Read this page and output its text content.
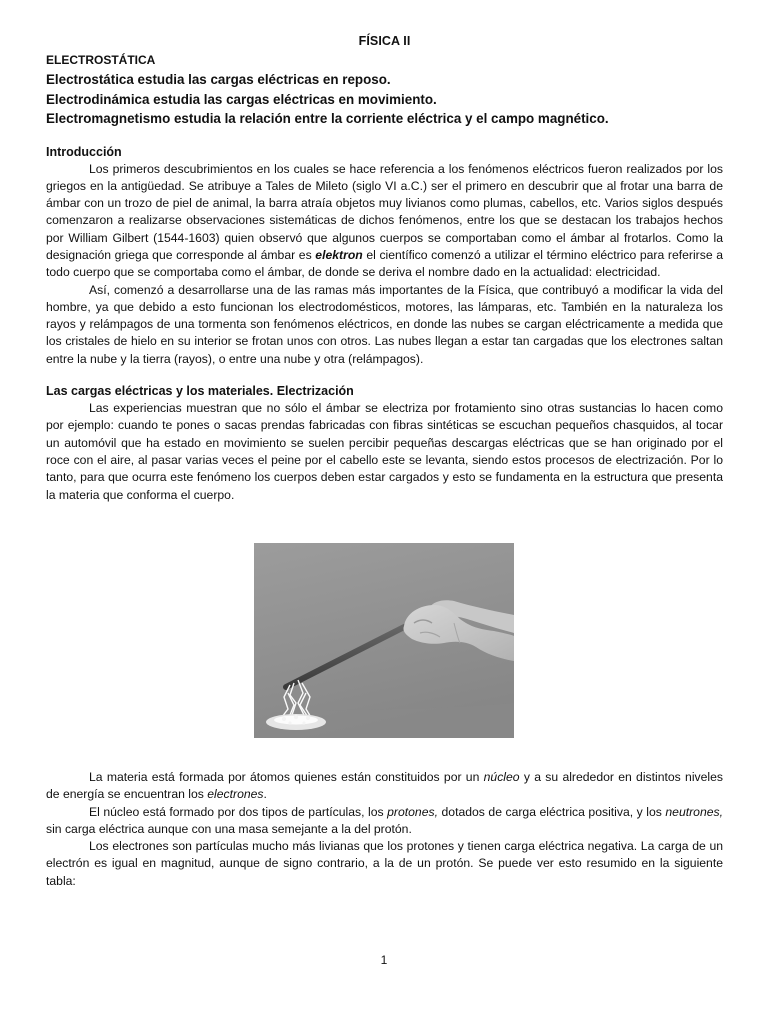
FÍSICA II
ELECTROSTÁTICA

Electrostática estudia las cargas eléctricas en reposo.

Electrodinámica estudia las cargas eléctricas en movimiento.

Electromagnetismo estudia la relación entre la corriente eléctrica y el campo magnético.

Introducción

Los primeros descubrimientos en los cuales se hace referencia a los fenómenos eléctricos fueron realizados por los griegos en la antigüedad. Se atribuye a Tales de Mileto (siglo VI a.C.) ser el primero en descubrir que al frotar una barra de ámbar con un trozo de piel de animal, la barra atraía objetos muy livianos como plumas, cabellos, etc. Varios siglos después comenzaron a realizarse observaciones sistemáticas de dichos fenómenos, entre los que se destacan los trabajos hechos por William Gilbert (1544-1603) quien observó que algunos cuerpos se comportaban como el ámbar al frotarlos. Como la designación griega que corresponde al ámbar es elektron el científico comenzó a utilizar el término eléctrico para referirse a todo cuerpo que se comportaba como el ámbar, de donde se deriva el nombre dado en la actualidad: electricidad.

Así, comenzó a desarrollarse una de las ramas más importantes de la Física, que contribuyó a modificar la vida del hombre, ya que debido a esto funcionan los electrodomésticos, motores, las lámparas, etc. También en la naturaleza los rayos y relámpagos de una tormenta son fenómenos eléctricos, en donde las nubes se cargan eléctricamente a medida que los cristales de hielo en su interior se frotan unos con otros. Las nubes llegan a estar tan cargadas que los electrones saltan entre la nube y la tierra (rayos), o entre una nube y otra (relámpagos).

Las cargas eléctricas y los materiales. Electrización

Las experiencias muestran que no sólo el ámbar se electriza por frotamiento sino otras sustancias lo hacen como por ejemplo: cuando te pones o sacas prendas fabricadas con fibras sintéticas se escuchan pequeños chasquidos, al tocar un automóvil que ha estado en movimiento se suelen percibir pequeñas descargas eléctricas que se han originado por el roce con el aire, al pasar varias veces el peine por el cabello este se levanta, siendo estos procesos de electrización. Por lo tanto, para que ocurra este fenómeno los cuerpos deben estar cargados y esto se fundamenta en la estructura que presenta la materia que conforma el cuerpo.

La materia está formada por átomos quienes están constituidos por un núcleo y a su alrededor en distintos niveles de energía se encuentran los electrones.

El núcleo está formado por dos tipos de partículas, los protones, dotados de carga eléctrica positiva, y los neutrones, sin carga eléctrica aunque con una masa semejante a la del protón.

Los electrones son partículas mucho más livianas que los protones y tienen carga eléctrica negativa. La carga de un electrón es igual en magnitud, aunque de signo contrario, a la de un protón. Se puede ver esto resumido en la siguiente tabla:

1
